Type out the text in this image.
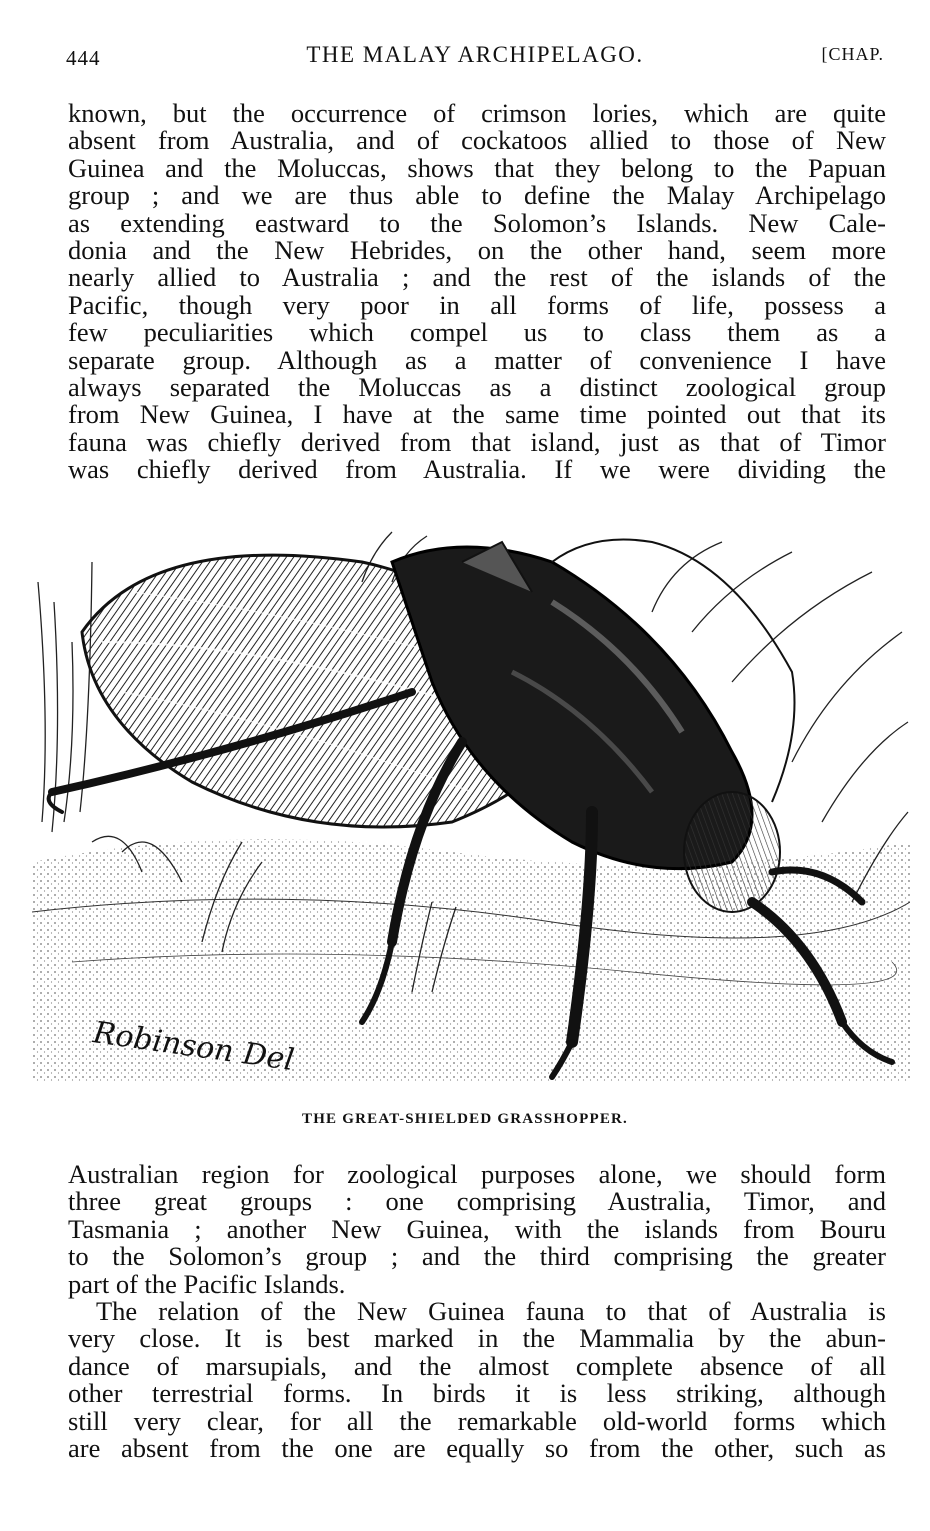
444	THE MALAY ARCHIPELAGO.	[CHAP.
known, but the occurrence of crimson lories, which are quite
absent from Australia, and of cockatoos allied to those of New
Guinea and the Moluccas, shows that they belong to the Papuan
group ; and we are thus able to define the Malay Archipelago
as extending eastward to the Solomon’s Islands. New Cale-
donia and the New Hebrides, on the other hand, seem more
nearly allied to Australia ; and the rest of the islands of the
Pacific, though very poor in all forms of life, possess a
few peculiarities which compel us to class them as a
separate group. Although as a matter of convenience I have
always separated the Moluccas as a distinct zoological group
from New Guinea, I have at the same time pointed out that its
fauna was chiefly derived from that island, just as that of Timor
was chiefly derived from Australia. If we were dividing the
Robinson Del
THE GREAT-SHIELDED GRASSHOPPER.
Australian region for zoological purposes alone, we should form
three great groups : one comprising Australia, Timor, and
Tasmania ; another New Guinea, with the islands from Bouru
to the Solomon’s group ; and the third comprising the greater
part of the Pacific Islands.
The relation of the New Guinea fauna to that of Australia is
very close. It is best marked in the Mammalia by the abun-
dance of marsupials, and the almost complete absence of all
other terrestrial forms. In birds it is less striking, although
still very clear, for all the remarkable old-world forms which
are absent from the one are equally so from the other, such as
